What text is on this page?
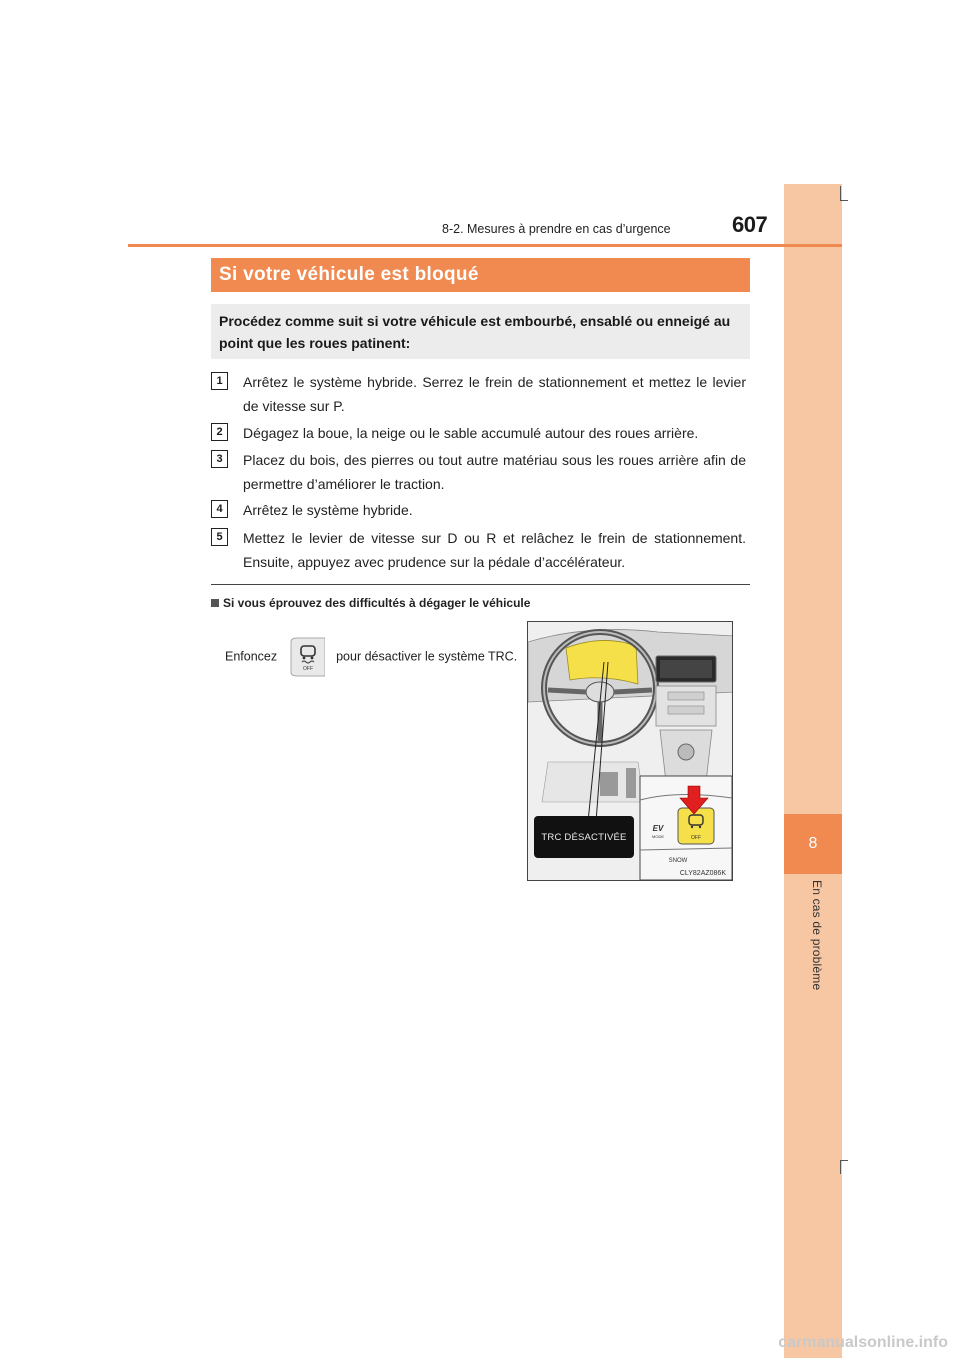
8
En cas de problème
8-2. Mesures à prendre en cas d’urgence	607
Si votre véhicule est bloqué
Procédez comme suit si votre véhicule est embourbé, ensablé ou enneigé au point que les roues patinent:
1	Arrêtez le système hybride. Serrez le frein de stationnement et mettez le levier de vitesse sur P.
2	Dégagez la boue, la neige ou le sable accumulé autour des roues arrière.
3	Placez du bois, des pierres ou tout autre matériau sous les roues arrière afin de permettre d’améliorer le traction.
4	Arrêtez le système hybride.
5	Mettez le levier de vitesse sur D ou R et relâchez le frein de stationnement. Ensuite, appuyez avec prudence sur la pédale d’accélérateur.
Si vous éprouvez des difficultés à dégager le véhicule
Enfoncez
OFF
pour désactiver le système TRC.
OFF
EV
MODE
SNOW
TRC DÉSACTIVÉE
CLY82AZ086K
carmanualsonline.info
